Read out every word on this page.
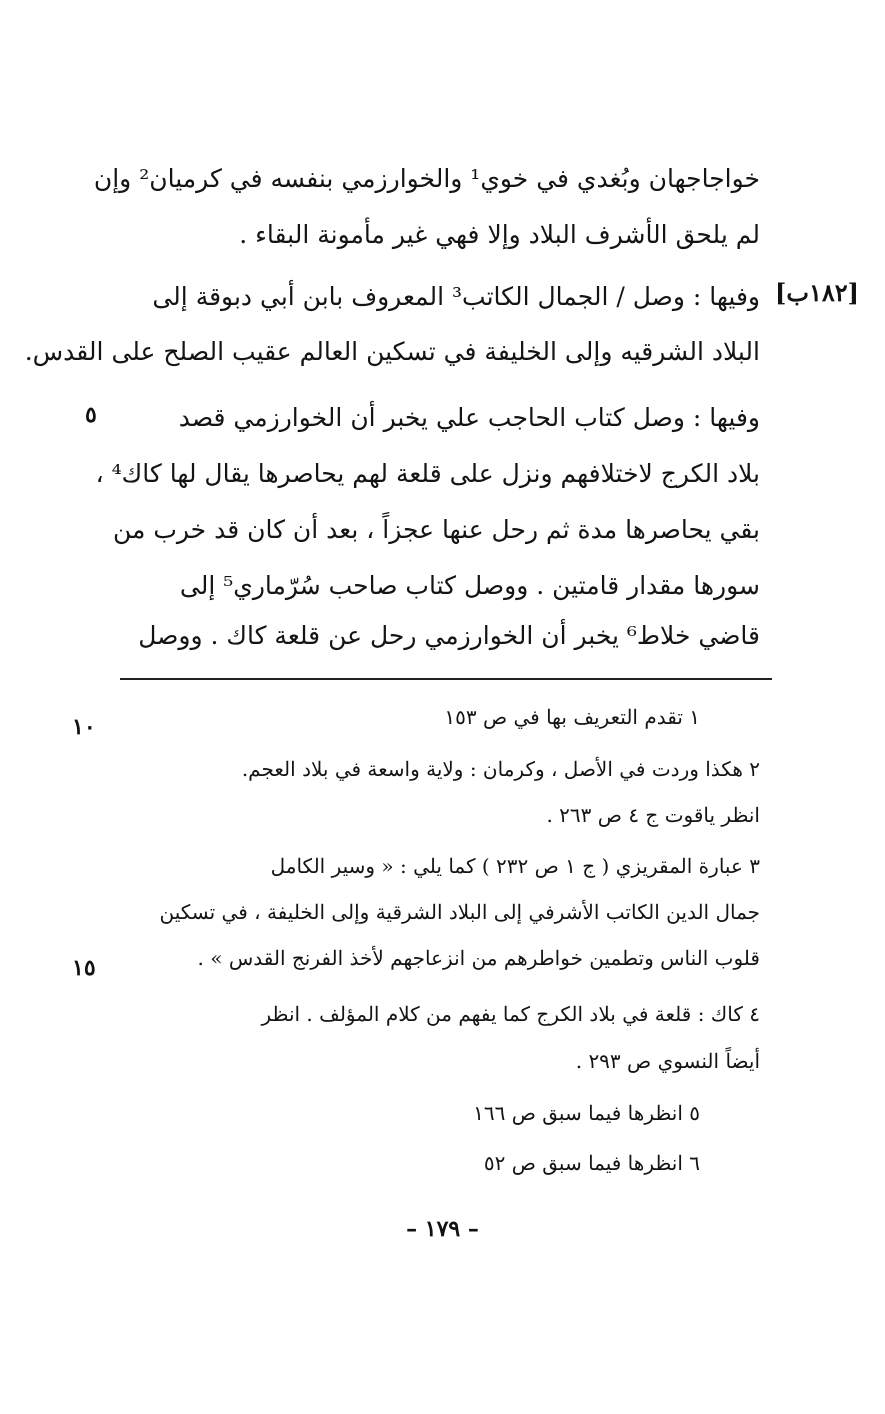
خواجاجهان وبُغدي في خوي¹ والخوارزمي بنفسه في كرميان² وإن
لم يلحق الأشرف البلاد وإلا فهي غير مأمونة البقاء .
وفيها : وصل / الجمال الكاتب³ المعروف بابن أبي دبوقة إلى
البلاد الشرقيه وإلى الخليفة في تسكين العالم عقيب الصلح على القدس.
وفيها : وصل كتاب الحاجب علي يخبر أن الخوارزمي قصد
بلاد الكرج لاختلافهم ونزل على قلعة لهم يحاصرها يقال لها كاك⁴ ،
بقي يحاصرها مدة ثم رحل عنها عجزاً ، بعد أن كان قد خرب من
سورها مقدار قامتين . ووصل كتاب صاحب سُرّماري⁵ إلى
قاضي خلاط⁶ يخبر أن الخوارزمي رحل عن قلعة كاك . ووصل
[١٨٢ب]
٥
١٠
١٥
١ تقدم التعريف بها في ص ١٥٣
٢ هكذا وردت في الأصل ، وكرمان : ولاية واسعة في بلاد العجم.
انظر ياقوت ج ٤ ص ٢٦٣ .
٣ عبارة المقريزي ( ج ١ ص ٢٣٢ ) كما يلي : « وسير الكامل
جمال الدين الكاتب الأشرفي إلى البلاد الشرقية وإلى الخليفة ، في تسكين
قلوب الناس وتطمين خواطرهم من انزعاجهم لأخذ الفرنج القدس » .
٤ كاك : قلعة في بلاد الكرج كما يفهم من كلام المؤلف . انظر
أيضاً النسوي ص ٢٩٣ .
٥ انظرها فيما سبق ص ١٦٦
٦ انظرها فيما سبق ص ٥٢
– ١٧٩ –
